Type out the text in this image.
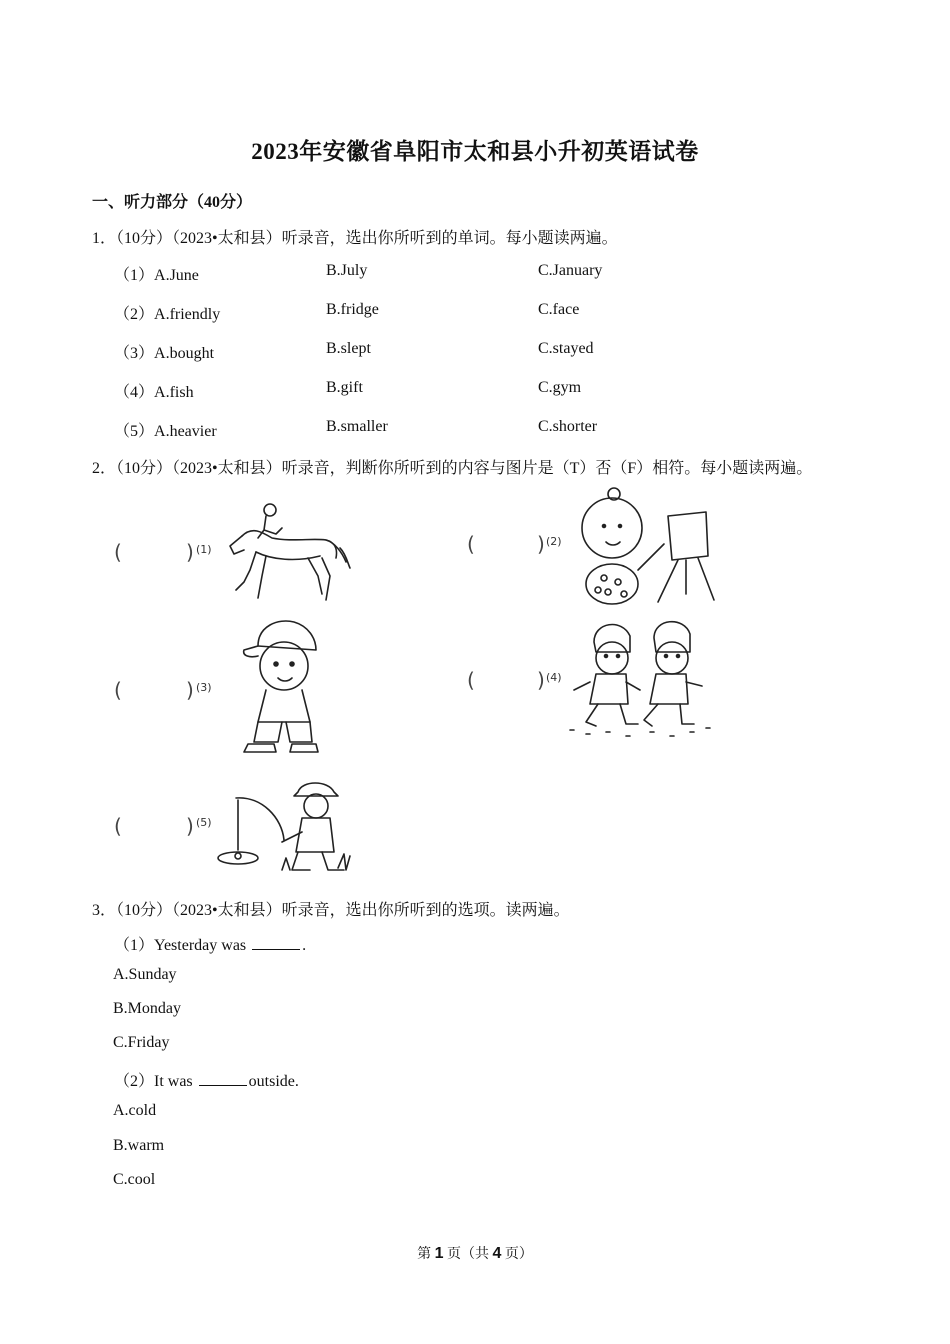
2023年安徽省阜阳市太和县小升初英语试卷
一、听力部分（40分）
1．（10分）（2023•太和县）听录音，选出你所听到的单词。每小题读两遍。
（1）A.June	B.July	C.January
（2）A.friendly	B.fridge	C.face
（3）A.bought	B.slept	C.stayed
（4）A.fish	B.gift	C.gym
（5）A.heavier	B.smaller	C.shorter
2．（10分）（2023•太和县）听录音，判断你所听到的内容与图片是（T）否（F）相符。每小题读两遍。
(	) (1)	(	) (2)
(	) (3)	(	) (4)
(	) (5)
3．（10分）（2023•太和县）听录音，选出你所听到的选项。读两遍。
（1）Yesterday was	.
A.Sunday
B.Monday
C.Friday
（2）It was	outside.
A.cold
B.warm
C.cool
第 1 页（共 4 页）
